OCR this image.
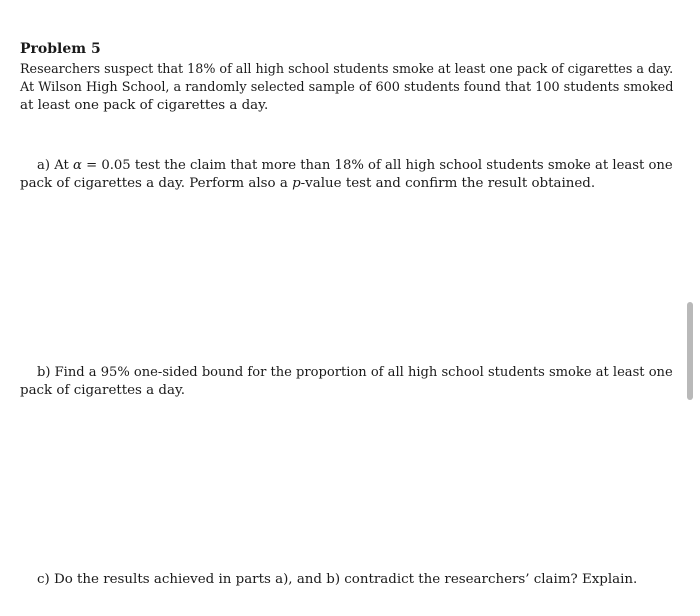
Problem 5
Researchers suspect that 18% of all high school students smoke at least one pack of cigarettes a day.
At Wilson High School, a randomly selected sample of 600 students found that 100 students smoked
at least one pack of cigarettes a day.
a) At α = 0.05 test the claim that more than 18% of all high school students smoke at least one
pack of cigarettes a day. Perform also a p-value test and confirm the result obtained.
b) Find a 95% one-sided bound for the proportion of all high school students smoke at least one
pack of cigarettes a day.
c) Do the results achieved in parts a), and b) contradict the researchers’ claim? Explain.
